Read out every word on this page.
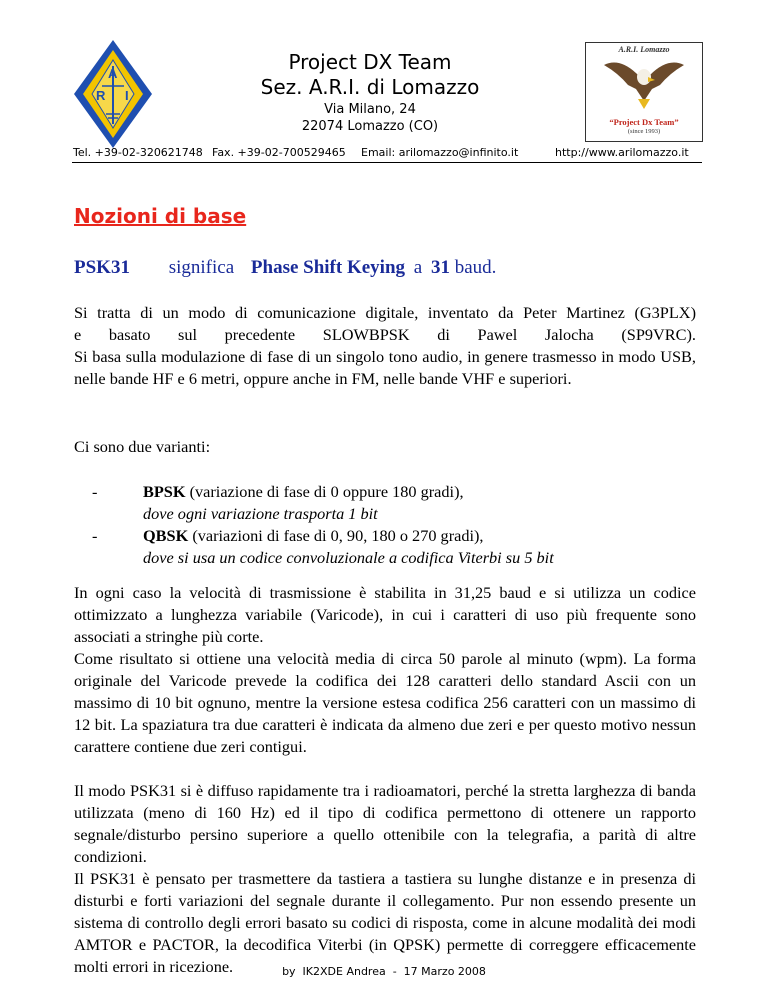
A
R I
Project DX Team
Sez. A.R.I. di Lomazzo
Via Milano, 24
22074 Lomazzo (CO)
A.R.I. Lomazzo
“Project Dx Team”
(since 1993)
Tel. +39-02-320621748 Fax. +39-02-700529465 Email: arilomazzo@infinito.it	http://www.arilomazzo.it
Nozioni di base
PSK31 significa Phase Shift Keying a 31 baud.
Si tratta di un modo di comunicazione digitale, inventato da Peter Martinez (G3PLX)
e basato sul precedente SLOWBPSK di Pawel Jalocha (SP9VRC).
Si basa sulla modulazione di fase di un singolo tono audio, in genere trasmesso in modo USB, nelle bande HF e 6 metri, oppure anche in FM, nelle bande VHF e superiori.
Ci sono due varianti:
-	BPSK (variazione di fase di 0 oppure 180 gradi),
dove ogni variazione trasporta 1 bit
-	QBSK (variazioni di fase di 0, 90, 180 o 270 gradi),
dove si usa un codice convoluzionale a codifica Viterbi su 5 bit
In ogni caso la velocità di trasmissione è stabilita in 31,25 baud e si utilizza un codice ottimizzato a lunghezza variabile (Varicode), in cui i caratteri di uso più frequente sono associati a stringhe più corte.
Come risultato si ottiene una velocità media di circa 50 parole al minuto (wpm). La forma originale del Varicode prevede la codifica dei 128 caratteri dello standard Ascii con un massimo di 10 bit ognuno, mentre la versione estesa codifica 256 caratteri con un massimo di 12 bit. La spaziatura tra due caratteri è indicata da almeno due zeri e per questo motivo nessun carattere contiene due zeri contigui.
Il modo PSK31 si è diffuso rapidamente tra i radioamatori, perché la stretta larghezza di banda utilizzata (meno di 160 Hz) ed il tipo di codifica permettono di ottenere un rapporto segnale/disturbo persino superiore a quello ottenibile con la telegrafia, a parità di altre condizioni.
Il PSK31 è pensato per trasmettere da tastiera a tastiera su lunghe distanze e in presenza di disturbi e forti variazioni del segnale durante il collegamento. Pur non essendo presente un sistema di controllo degli errori basato su codici di risposta, come in alcune modalità dei modi AMTOR e PACTOR, la decodifica Viterbi (in QPSK) permette di correggere efficacemente molti errori in ricezione.	by  IK2XDE Andrea  -  17 Marzo 2008
